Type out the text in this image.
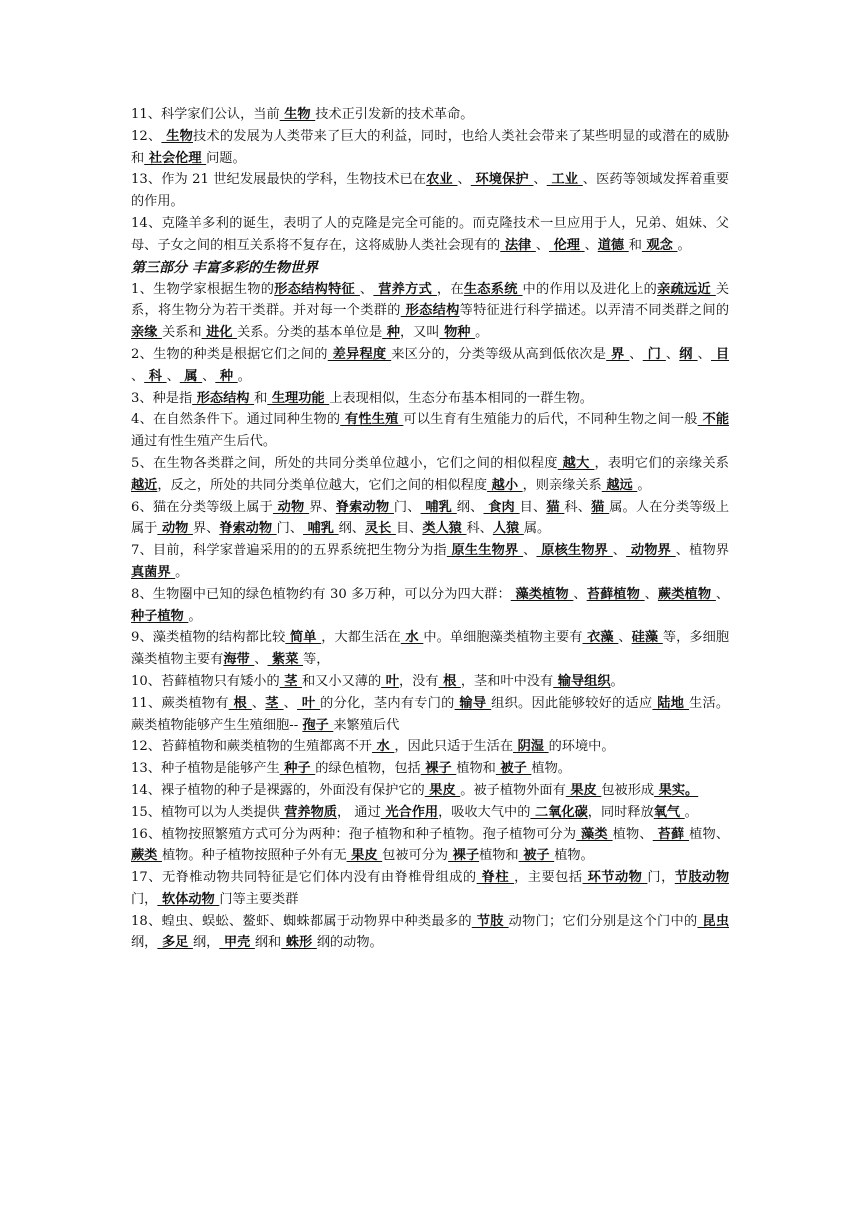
11、科学家们公认，当前 生物 技术正引发新的技术革命。

12、 生物技术的发展为人类带来了巨大的利益，同时，也给人类社会带来了某些明显的或潜在的威胁和 社会伦理 问题。

13、作为 21 世纪发展最快的学科，生物技术已在农业 、 环境保护 、 工业 、医药等领域发挥着重要的作用。

14、克隆羊多利的诞生，表明了人的克隆是完全可能的。而克隆技术一旦应用于人，兄弟、姐妹、父母、子女之间的相互关系将不复存在，这将威胁人类社会现有的 法律 、 伦理 、道德 和 观念 。

第三部分 丰富多彩的生物世界

1、生物学家根据生物的形态结构特征 、 营养方式 ，在生态系统 中的作用以及进化上的亲疏远近 关系，将生物分为若干类群。并对每一个类群的 形态结构等特征进行科学描述。以弄清不同类群之间的 亲缘 关系和 进化 关系。分类的基本单位是 种，又叫 物种 。

2、生物的种类是根据它们之间的 差异程度 来区分的，分类等级从高到低依次是 界 、 门 、纲 、 目 、 科 、 属 、 种 。

3、种是指 形态结构 和 生理功能 上表现相似，生态分布基本相同的一群生物。

4、在自然条件下。通过同种生物的 有性生殖 可以生育有生殖能力的后代，不同种生物之间一般 不能 通过有性生殖产生后代。

5、在生物各类群之间，所处的共同分类单位越小，它们之间的相似程度 越大 ，表明它们的亲缘关系 越近，反之，所处的共同分类单位越大，它们之间的相似程度 越小 ，则亲缘关系 越远 。

6、猫在分类等级上属于 动物 界、脊索动物 门、 哺乳 纲、 食肉 目、猫 科、猫 属。人在分类等级上属于 动物 界、脊索动物 门、 哺乳 纲、灵长 目、类人猿 科、人猿 属。

7、目前，科学家普遍采用的的五界系统把生物分为指 原生生物界 、 原核生物界 、 动物界 、植物界 真菌界 。

8、生物圈中已知的绿色植物约有 30 多万种，可以分为四大群： 藻类植物 、苔藓植物 、蕨类植物 、 种子植物 。

9、藻类植物的结构都比较 简单 ，大都生活在 水 中。单细胞藻类植物主要有 衣藻 、硅藻 等，多细胞藻类植物主要有海带 、 紫菜 等，

10、苔藓植物只有矮小的 茎 和又小又薄的 叶，没有 根 ，茎和叶中没有 输导组织。

11、蕨类植物有 根 、茎 、 叶 的分化，茎内有专门的 输导 组织。因此能够较好的适应 陆地 生活。蕨类植物能够产生生殖细胞-- 孢子 来繁殖后代

12、苔藓植物和蕨类植物的生殖都离不开 水 ，因此只适于生活在 阴湿 的环境中。

13、种子植物是能够产生 种子 的绿色植物，包括 裸子 植物和 被子 植物。

14、裸子植物的种子是裸露的，外面没有保护它的 果皮 。被子植物外面有 果皮 包被形成 果实。

15、植物可以为人类提供 营养物质， 通过 光合作用，吸收大气中的 二氧化碳，同时释放氧气 。

16、植物按照繁殖方式可分为两种：孢子植物和种子植物。孢子植物可分为 藻类 植物、 苔藓 植物、蕨类 植物。种子植物按照种子外有无 果皮 包被可分为 裸子植物和 被子 植物。

17、无脊椎动物共同特征是它们体内没有由脊椎骨组成的 脊柱 ，主要包括 环节动物 门，节肢动物门， 软体动物 门等主要类群

18、蝗虫、蜈蚣、鳌虾、蜘蛛都属于动物界中种类最多的 节肢 动物门；它们分别是这个门中的 昆虫 纲， 多足 纲， 甲壳 纲和 蛛形 纲的动物。
